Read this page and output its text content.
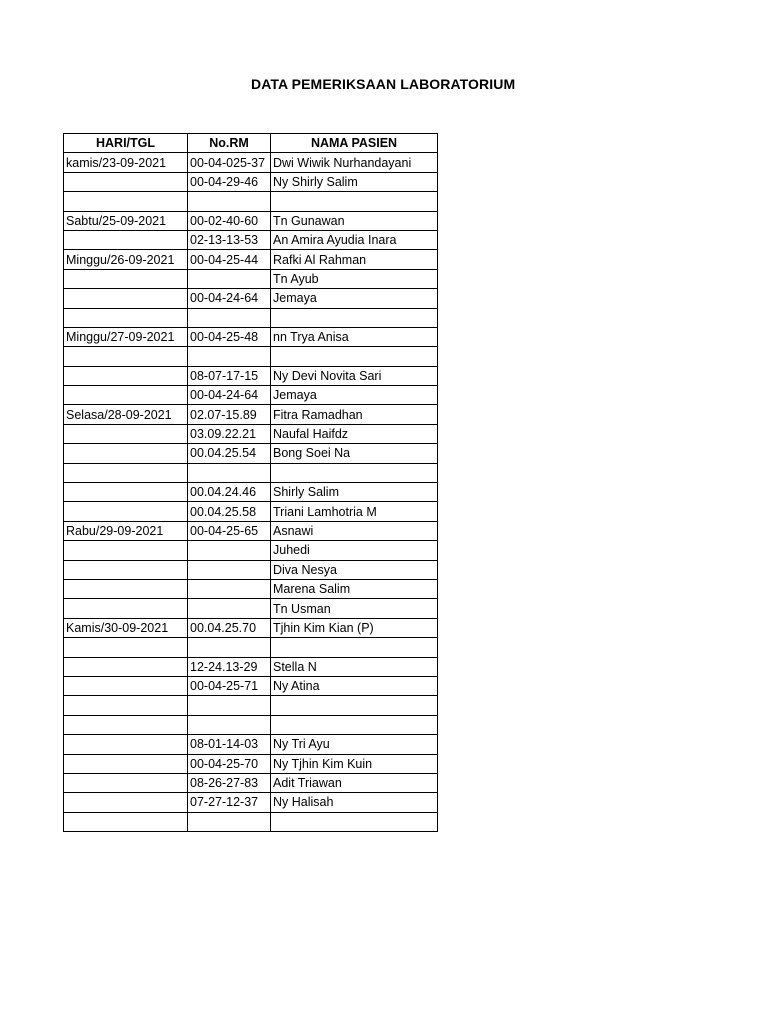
DATA PEMERIKSAAN LABORATORIUM
HARI/TGL	No.RM	NAMA PASIEN
kamis/23-09-2021	00-04-025-37	Dwi Wiwik Nurhandayani
	00-04-29-46	Ny Shirly Salim

Sabtu/25-09-2021	00-02-40-60	Tn Gunawan
	02-13-13-53	An Amira Ayudia Inara
Minggu/26-09-2021	00-04-25-44	Rafki Al Rahman
		Tn Ayub
	00-04-24-64	Jemaya

Minggu/27-09-2021	00-04-25-48	nn Trya Anisa

	08-07-17-15	Ny Devi Novita Sari
	00-04-24-64	Jemaya
Selasa/28-09-2021	02.07-15.89	Fitra Ramadhan
	03.09.22.21	Naufal Haifdz
	00.04.25.54	Bong Soei Na

	00.04.24.46	Shirly Salim
	00.04.25.58	Triani Lamhotria M
Rabu/29-09-2021	00-04-25-65	Asnawi
		Juhedi
		Diva Nesya
		Marena Salim
		Tn Usman
Kamis/30-09-2021	00.04.25.70	Tjhin Kim Kian (P)

	12-24.13-29	Stella N
	00-04-25-71	Ny Atina

	08-01-14-03	Ny Tri Ayu
	00-04-25-70	Ny Tjhin Kim Kuin
	08-26-27-83	Adit Triawan
	07-27-12-37	Ny Halisah
